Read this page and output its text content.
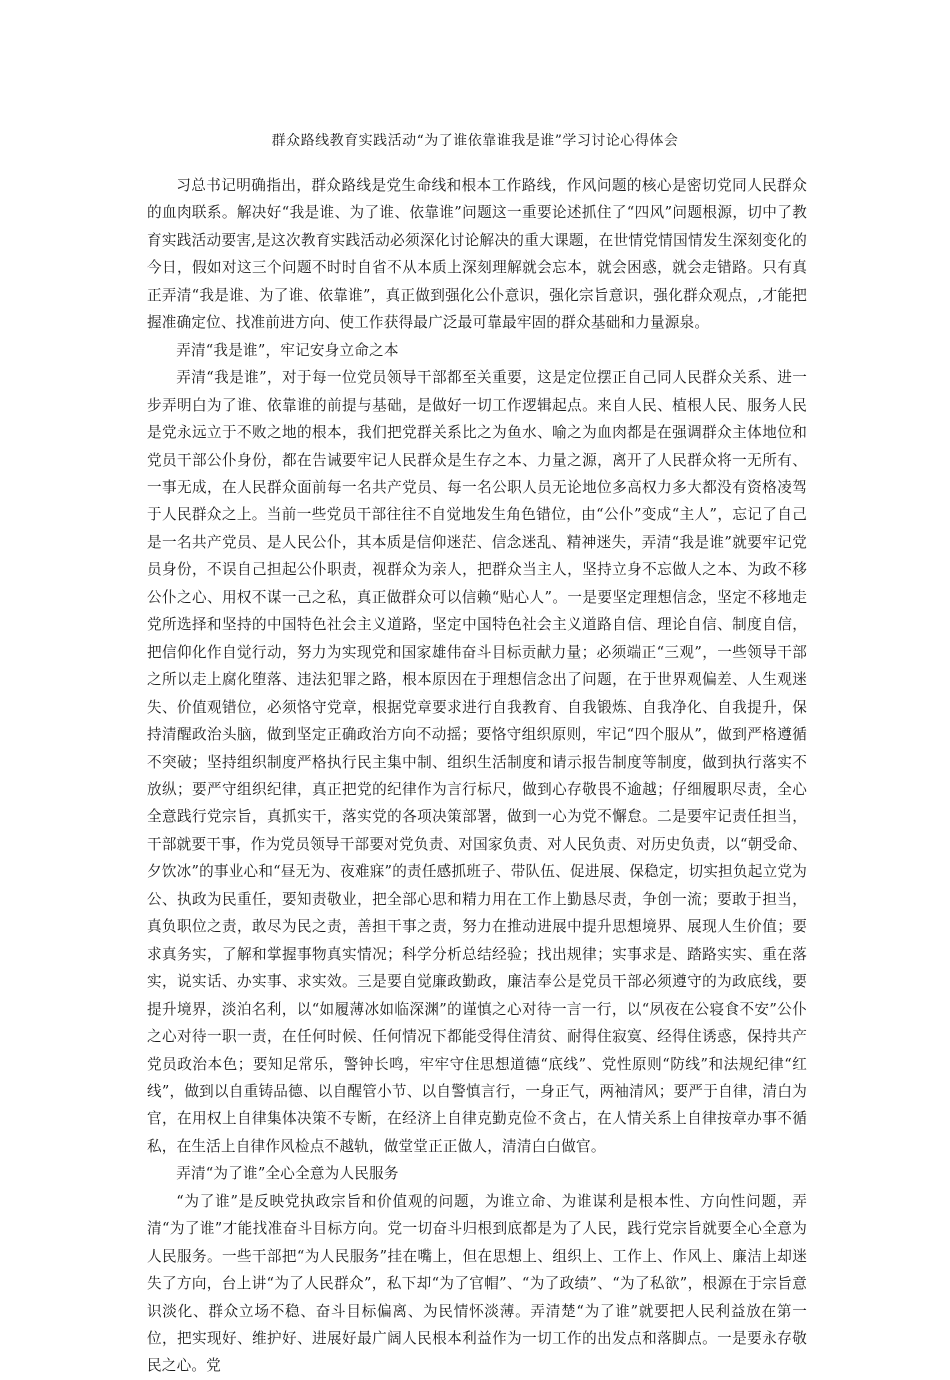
群众路线教育实践活动“为了谁依靠谁我是谁”学习讨论心得体会

习总书记明确指出，群众路线是党生命线和根本工作路线，作风问题的核心是密切党同人民群众的血肉联系。解决好“我是谁、为了谁、依靠谁”问题这一重要论述抓住了“四风”问题根源，切中了教育实践活动要害,是这次教育实践活动必须深化讨论解决的重大课题，在世情党情国情发生深刻变化的今日，假如对这三个问题不时时自省不从本质上深刻理解就会忘本，就会困惑，就会走错路。只有真正弄清“我是谁、为了谁、依靠谁”，真正做到强化公仆意识，强化宗旨意识，强化群众观点，,才能把握准确定位、找准前进方向、使工作获得最广泛最可靠最牢固的群众基础和力量源泉。

弄清“我是谁”，牢记安身立命之本

弄清“我是谁”，对于每一位党员领导干部都至关重要，这是定位摆正自己同人民群众关系、进一步弄明白为了谁、依靠谁的前提与基础，是做好一切工作逻辑起点。来自人民、植根人民、服务人民是党永远立于不败之地的根本，我们把党群关系比之为鱼水、喻之为血肉都是在强调群众主体地位和党员干部公仆身份，都在告诫要牢记人民群众是生存之本、力量之源，离开了人民群众将一无所有、一事无成，在人民群众面前每一名共产党员、每一名公职人员无论地位多高权力多大都没有资格凌驾于人民群众之上。当前一些党员干部往往不自觉地发生角色错位，由“公仆”变成“主人”，忘记了自己是一名共产党员、是人民公仆，其本质是信仰迷茫、信念迷乱、精神迷失，弄清“我是谁”就要牢记党员身份，不误自己担起公仆职责，视群众为亲人，把群众当主人，坚持立身不忘做人之本、为政不移公仆之心、用权不谋一己之私，真正做群众可以信赖“贴心人”。一是要坚定理想信念，坚定不移地走党所选择和坚持的中国特色社会主义道路，坚定中国特色社会主义道路自信、理论自信、制度自信，把信仰化作自觉行动，努力为实现党和国家雄伟奋斗目标贡献力量；必须端正“三观”，一些领导干部之所以走上腐化堕落、违法犯罪之路，根本原因在于理想信念出了问题，在于世界观偏差、人生观迷失、价值观错位，必须恪守党章，根据党章要求进行自我教育、自我锻炼、自我净化、自我提升，保持清醒政治头脑，做到坚定正确政治方向不动摇；要恪守组织原则，牢记“四个服从”，做到严格遵循不突破；坚持组织制度严格执行民主集中制、组织生活制度和请示报告制度等制度，做到执行落实不放纵；要严守组织纪律，真正把党的纪律作为言行标尺，做到心存敬畏不逾越；仔细履职尽责，全心全意践行党宗旨，真抓实干，落实党的各项决策部署，做到一心为党不懈怠。二是要牢记责任担当，干部就要干事，作为党员领导干部要对党负责、对国家负责、对人民负责、对历史负责，以“朝受命、夕饮冰”的事业心和“昼无为、夜难寐”的责任感抓班子、带队伍、促进展、保稳定，切实担负起立党为公、执政为民重任，要知责敬业，把全部心思和精力用在工作上勤恳尽责，争创一流；要敢于担当，真负职位之责，敢尽为民之责，善担干事之责，努力在推动进展中提升思想境界、展现人生价值；要求真务实，了解和掌握事物真实情况；科学分析总结经验；找出规律；实事求是、踏路实实、重在落实，说实话、办实事、求实效。三是要自觉廉政勤政，廉洁奉公是党员干部必须遵守的为政底线，要提升境界，淡泊名利，以“如履薄冰如临深渊”的谨慎之心对待一言一行，以“夙夜在公寝食不安”公仆之心对待一职一责，在任何时候、任何情况下都能受得住清贫、耐得住寂寞、经得住诱惑，保持共产党员政治本色；要知足常乐，警钟长鸣，牢牢守住思想道德“底线”、党性原则“防线”和法规纪律“红线”，做到以自重铸品德、以自醒管小节、以自警慎言行，一身正气，两袖清风；要严于自律，清白为官，在用权上自律集体决策不专断，在经济上自律克勤克俭不贪占，在人情关系上自律按章办事不循私，在生活上自律作风检点不越轨，做堂堂正正做人，清清白白做官。

弄清“为了谁”全心全意为人民服务

“为了谁”是反映党执政宗旨和价值观的问题，为谁立命、为谁谋利是根本性、方向性问题，弄清“为了谁”才能找准奋斗目标方向。党一切奋斗归根到底都是为了人民，践行党宗旨就要全心全意为人民服务。一些干部把“为人民服务”挂在嘴上，但在思想上、组织上、工作上、作风上、廉洁上却迷失了方向，台上讲“为了人民群众”，私下却“为了官帽”、“为了政绩”、“为了私欲”，根源在于宗旨意识淡化、群众立场不稳、奋斗目标偏离、为民情怀淡薄。弄清楚“为了谁”就要把人民利益放在第一位，把实现好、维护好、进展好最广阔人民根本利益作为一切工作的出发点和落脚点。一是要永存敬民之心。党
